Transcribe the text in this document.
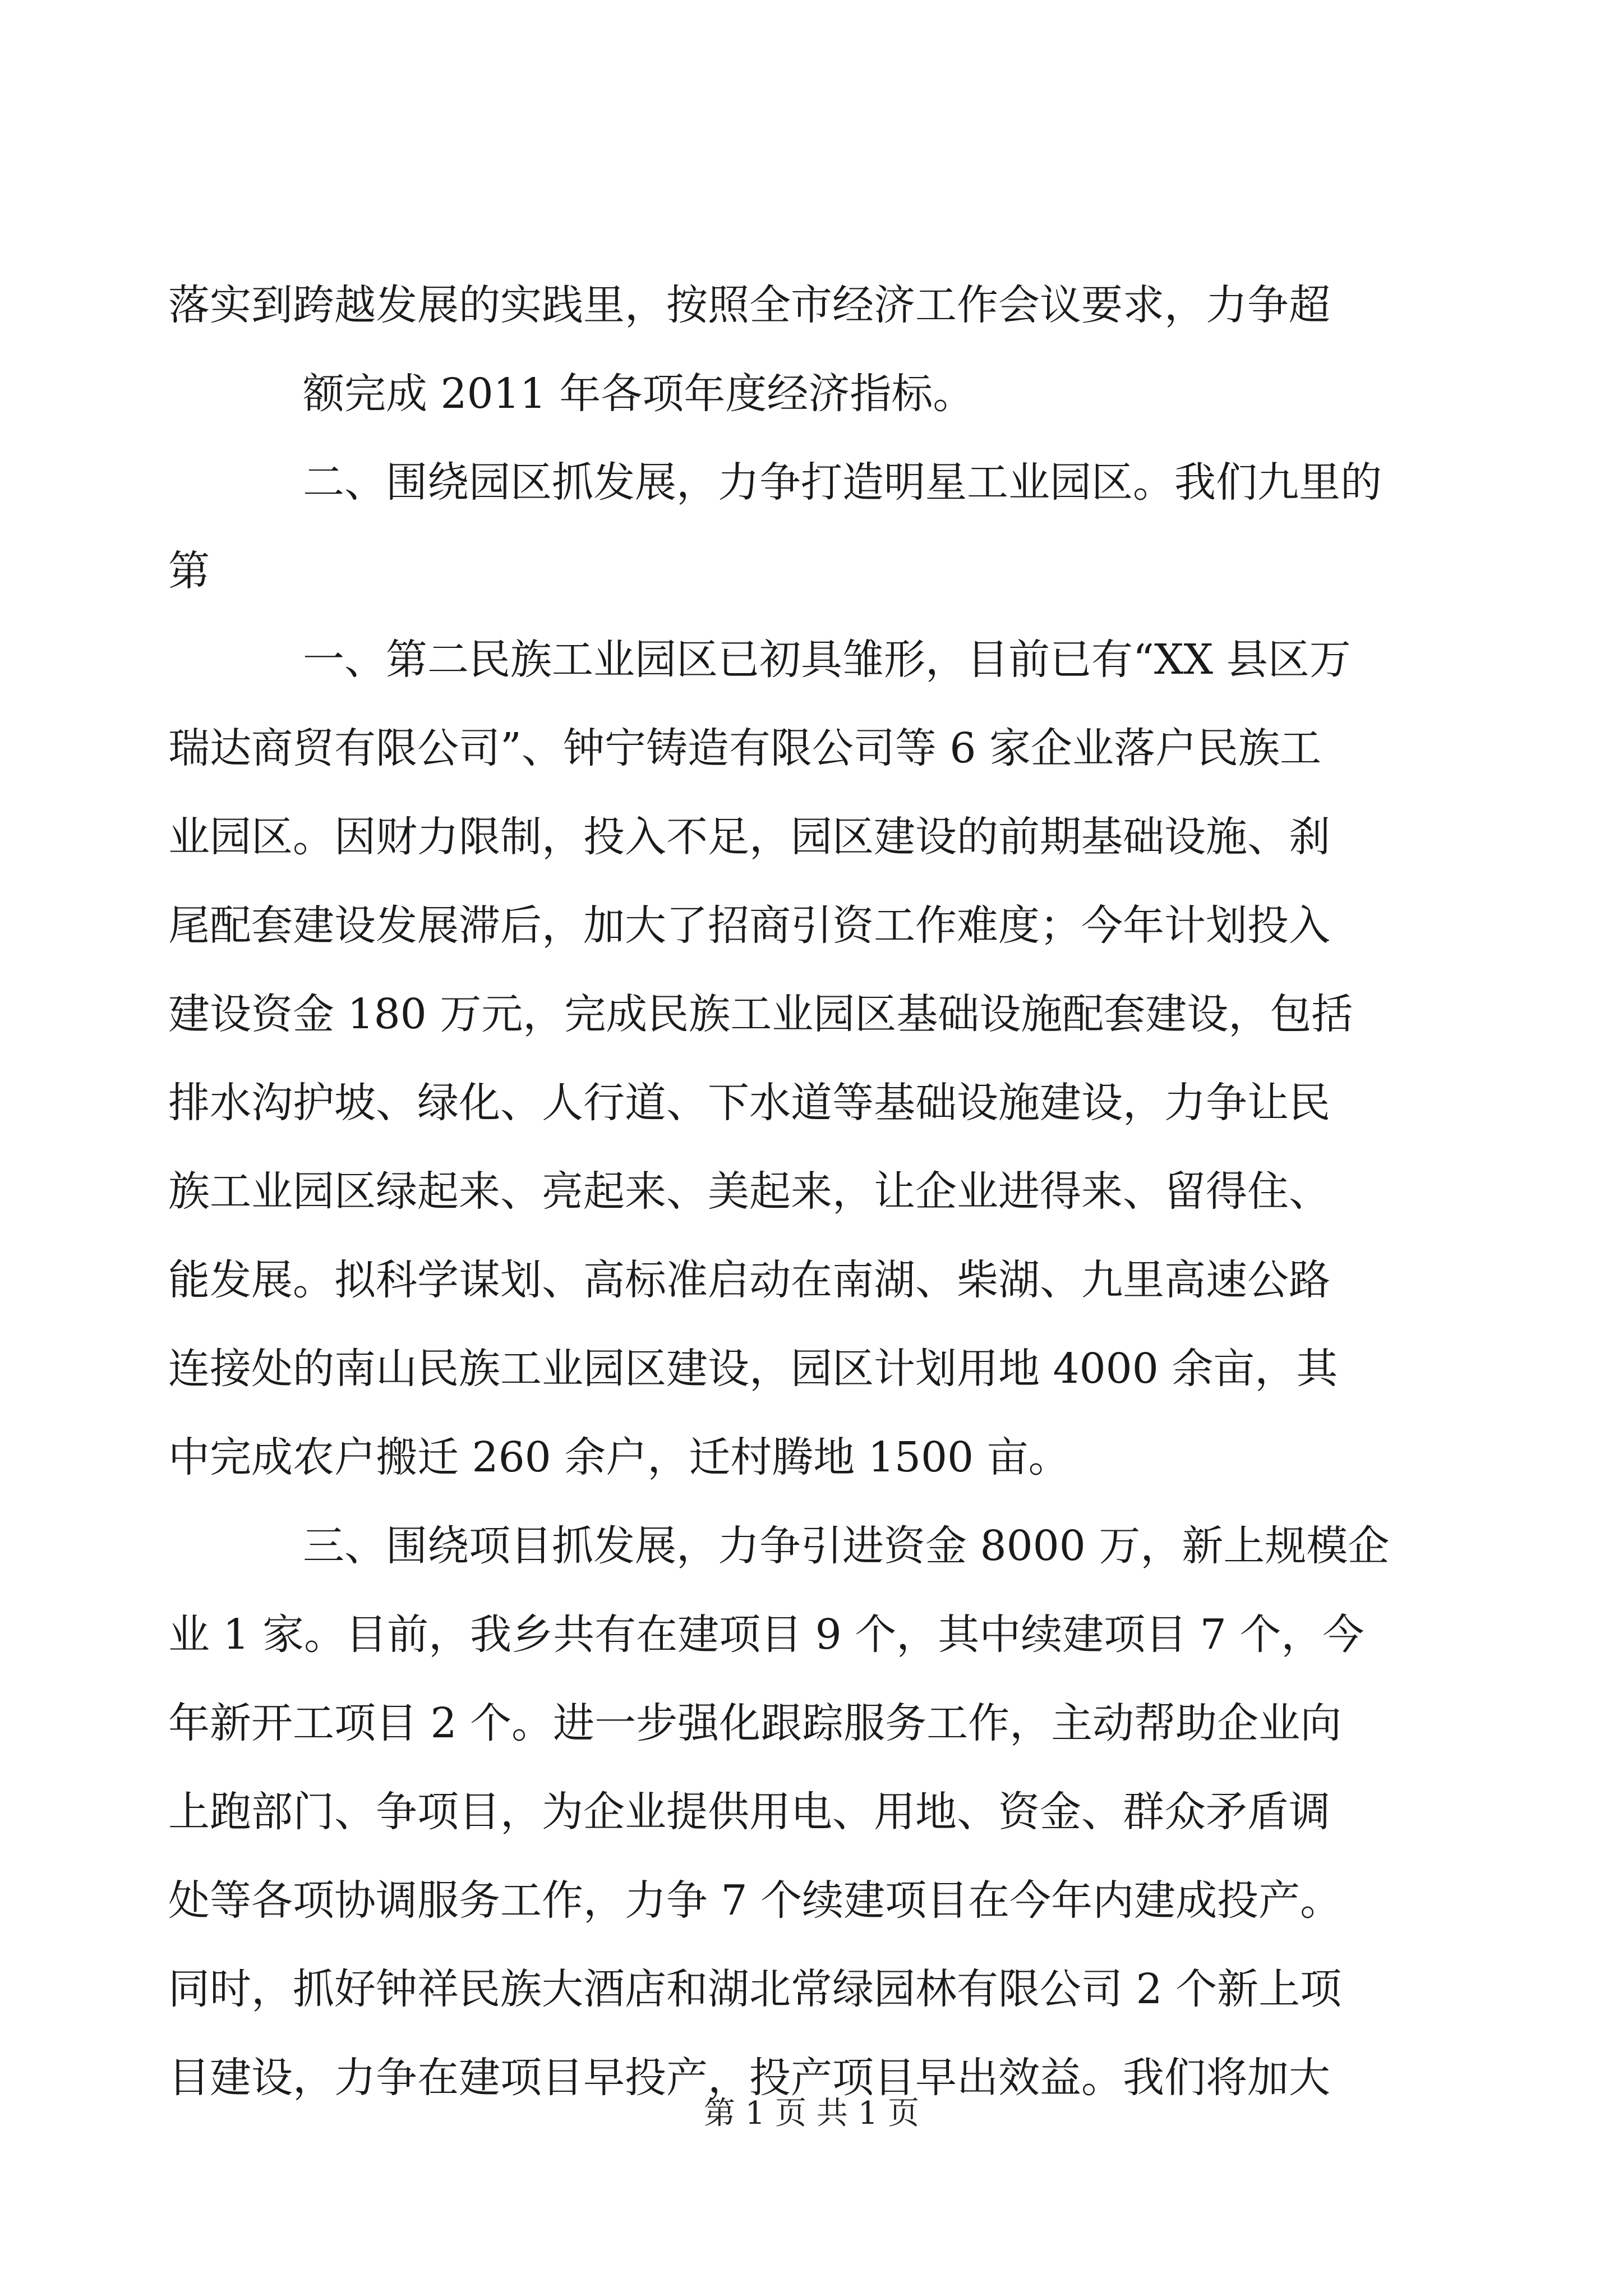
落实到跨越发展的实践里，按照全市经济工作会议要求，力争超
额完成 2011 年各项年度经济指标。
二、围绕园区抓发展，力争打造明星工业园区。我们九里的
第
一、第二民族工业园区已初具雏形，目前已有“XX 县区万
瑞达商贸有限公司”、钟宁铸造有限公司等 6 家企业落户民族工
业园区。因财力限制，投入不足，园区建设的前期基础设施、刹
尾配套建设发展滞后，加大了招商引资工作难度；今年计划投入
建设资金 180 万元，完成民族工业园区基础设施配套建设，包括
排水沟护坡、绿化、人行道、下水道等基础设施建设，力争让民
族工业园区绿起来、亮起来、美起来，让企业进得来、留得住、
能发展。拟科学谋划、高标准启动在南湖、柴湖、九里高速公路
连接处的南山民族工业园区建设，园区计划用地 4000 余亩，其
中完成农户搬迁 260 余户，迁村腾地 1500 亩。
三、围绕项目抓发展，力争引进资金 8000 万，新上规模企
业 1 家。目前，我乡共有在建项目 9 个，其中续建项目 7 个，今
年新开工项目 2 个。进一步强化跟踪服务工作，主动帮助企业向
上跑部门、争项目，为企业提供用电、用地、资金、群众矛盾调
处等各项协调服务工作，力争 7 个续建项目在今年内建成投产。
同时，抓好钟祥民族大酒店和湖北常绿园林有限公司 2 个新上项
目建设，力争在建项目早投产，投产项目早出效益。我们将加大
第 1 页 共 1 页
